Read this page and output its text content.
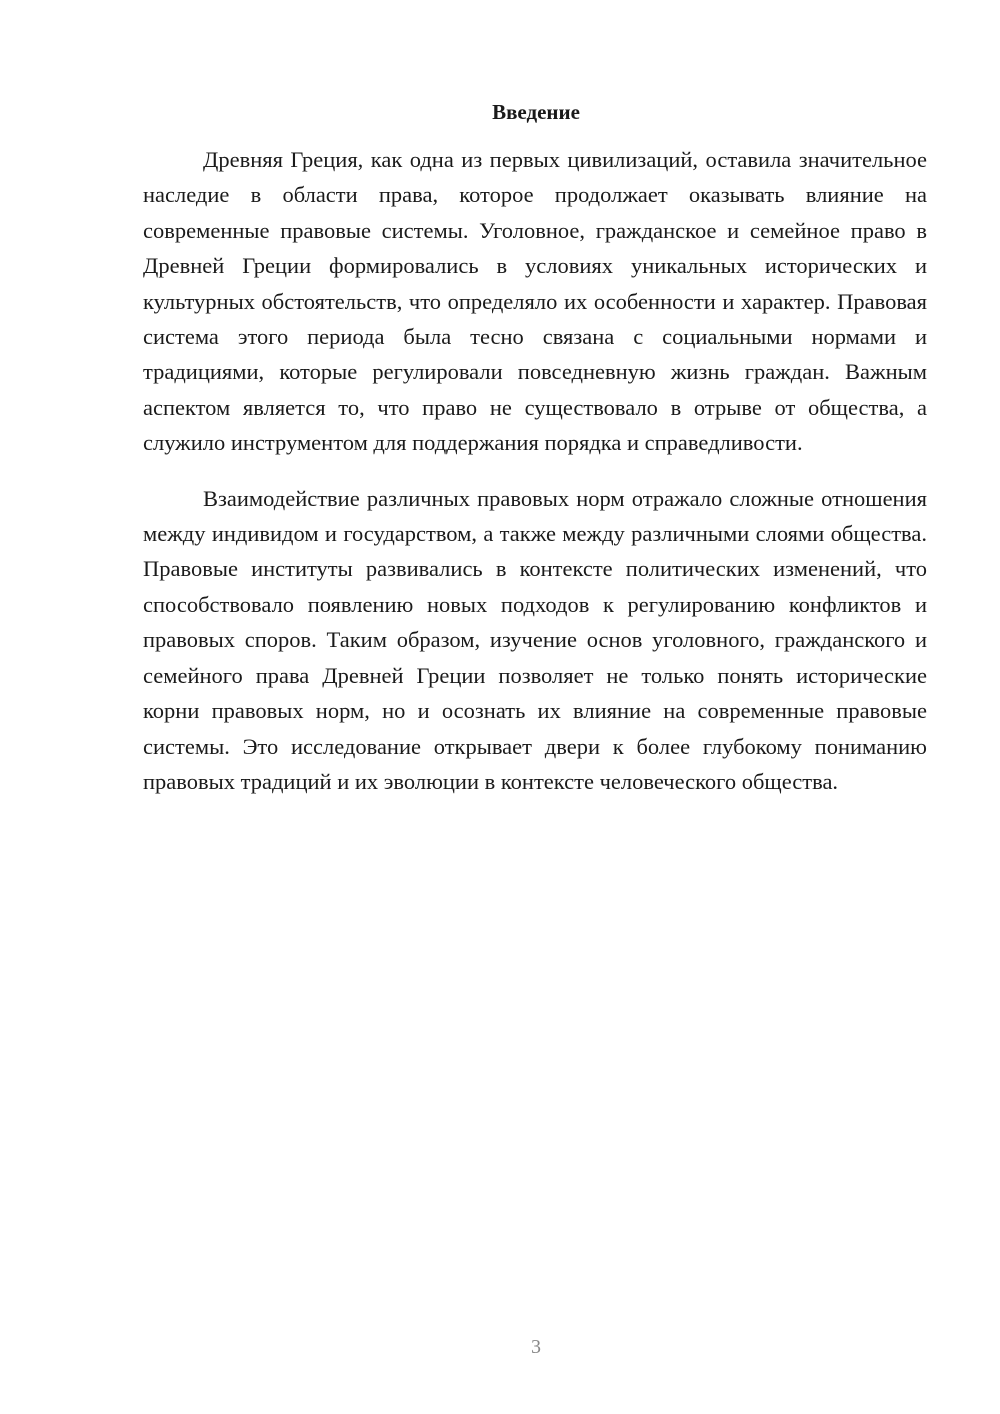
Введение

Древняя Греция, как одна из первых цивилизаций, оставила значительное наследие в области права, которое продолжает оказывать влияние на современные правовые системы. Уголовное, гражданское и семейное право в Древней Греции формировались в условиях уникальных исторических и культурных обстоятельств, что определяло их особенности и характер. Правовая система этого периода была тесно связана с социальными нормами и традициями, которые регулировали повседневную жизнь граждан. Важным аспектом является то, что право не существовало в отрыве от общества, а служило инструментом для поддержания порядка и справедливости.

Взаимодействие различных правовых норм отражало сложные отношения между индивидом и государством, а также между различными слоями общества. Правовые институты развивались в контексте политических изменений, что способствовало появлению новых подходов к регулированию конфликтов и правовых споров. Таким образом, изучение основ уголовного, гражданского и семейного права Древней Греции позволяет не только понять исторические корни правовых норм, но и осознать их влияние на современные правовые системы. Это исследование открывает двери к более глубокому пониманию правовых традиций и их эволюции в контексте человеческого общества.

3
